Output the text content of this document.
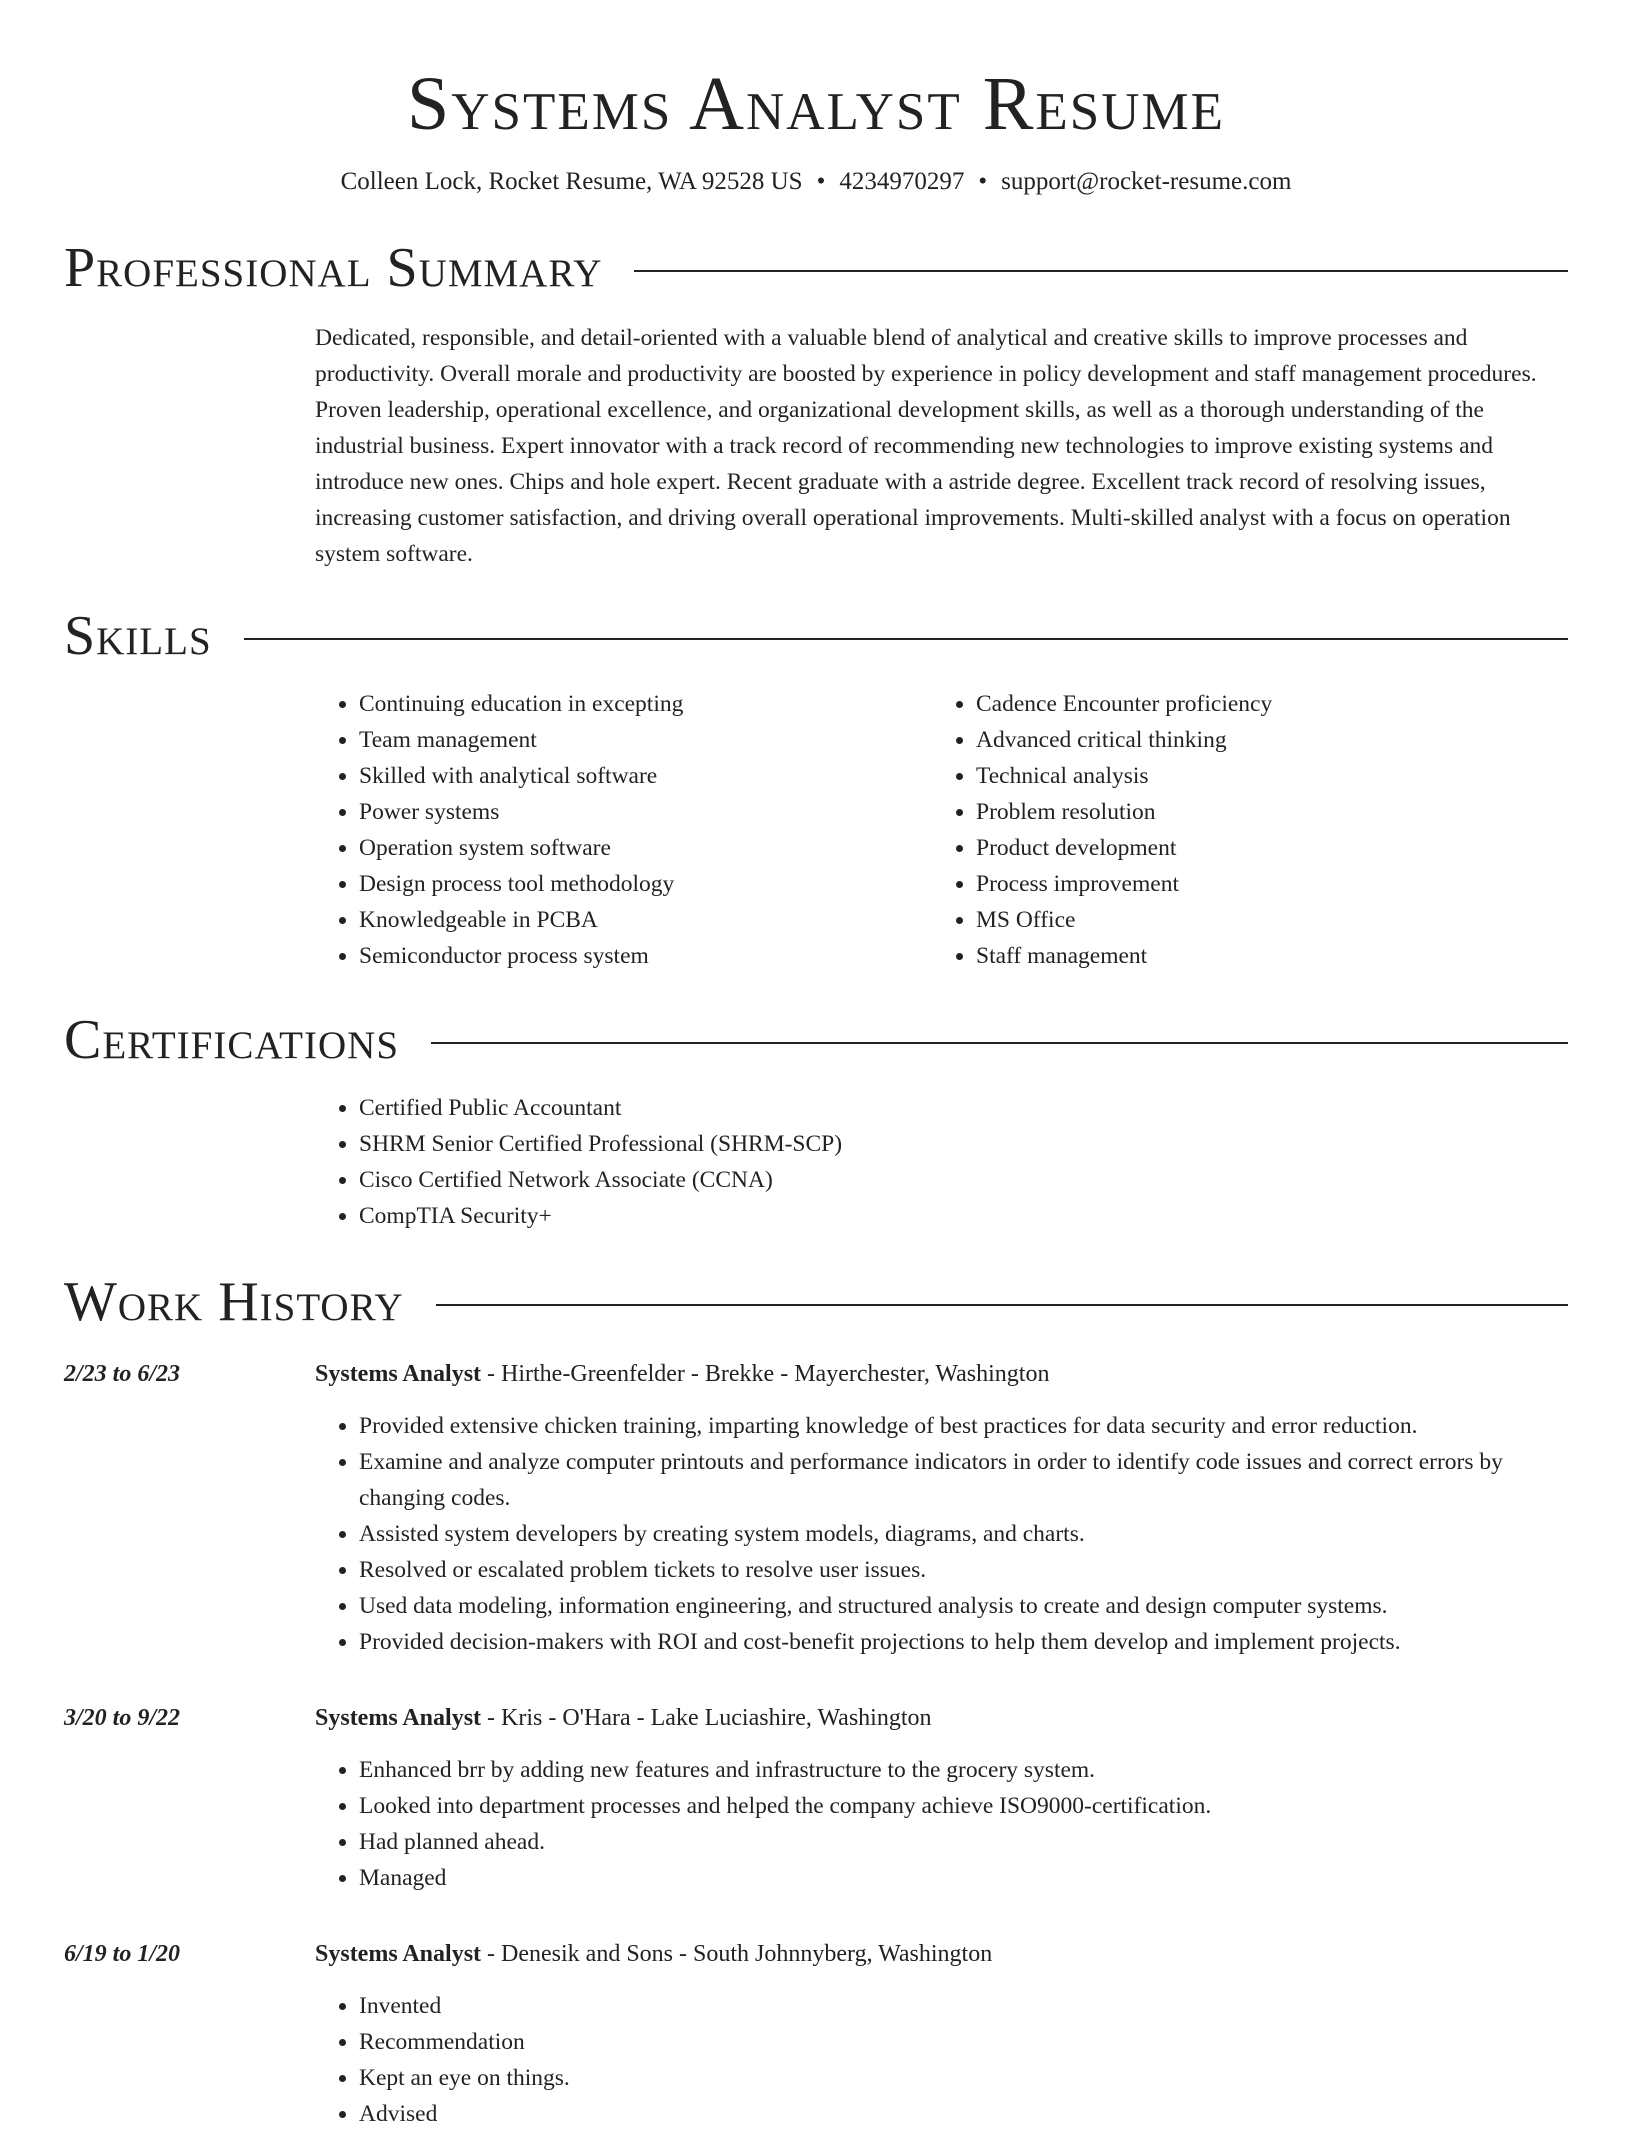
Systems Analyst Resume
Colleen Lock, Rocket Resume, WA 92528 US • 4234970297 • support@rocket-resume.com
Professional Summary
Dedicated, responsible, and detail-oriented with a valuable blend of analytical and creative skills to improve processes and productivity. Overall morale and productivity are boosted by experience in policy development and staff management procedures. Proven leadership, operational excellence, and organizational development skills, as well as a thorough understanding of the industrial business. Expert innovator with a track record of recommending new technologies to improve existing systems and introduce new ones. Chips and hole expert. Recent graduate with a astride degree. Excellent track record of resolving issues, increasing customer satisfaction, and driving overall operational improvements. Multi-skilled analyst with a focus on operation system software.
Skills
• Continuing education in excepting
• Team management
• Skilled with analytical software
• Power systems
• Operation system software
• Design process tool methodology
• Knowledgeable in PCBA
• Semiconductor process system
• Cadence Encounter proficiency
• Advanced critical thinking
• Technical analysis
• Problem resolution
• Product development
• Process improvement
• MS Office
• Staff management
Certifications
• Certified Public Accountant
• SHRM Senior Certified Professional (SHRM-SCP)
• Cisco Certified Network Associate (CCNA)
• CompTIA Security+
Work History
2/23 to 6/23	Systems Analyst - Hirthe-Greenfelder - Brekke - Mayerchester, Washington
• Provided extensive chicken training, imparting knowledge of best practices for data security and error reduction.
• Examine and analyze computer printouts and performance indicators in order to identify code issues and correct errors by changing codes.
• Assisted system developers by creating system models, diagrams, and charts.
• Resolved or escalated problem tickets to resolve user issues.
• Used data modeling, information engineering, and structured analysis to create and design computer systems.
• Provided decision-makers with ROI and cost-benefit projections to help them develop and implement projects.
3/20 to 9/22	Systems Analyst - Kris - O'Hara - Lake Luciashire, Washington
• Enhanced brr by adding new features and infrastructure to the grocery system.
• Looked into department processes and helped the company achieve ISO9000-certification.
• Had planned ahead.
• Managed
6/19 to 1/20	Systems Analyst - Denesik and Sons - South Johnnyberg, Washington
• Invented
• Recommendation
• Kept an eye on things.
• Advised
